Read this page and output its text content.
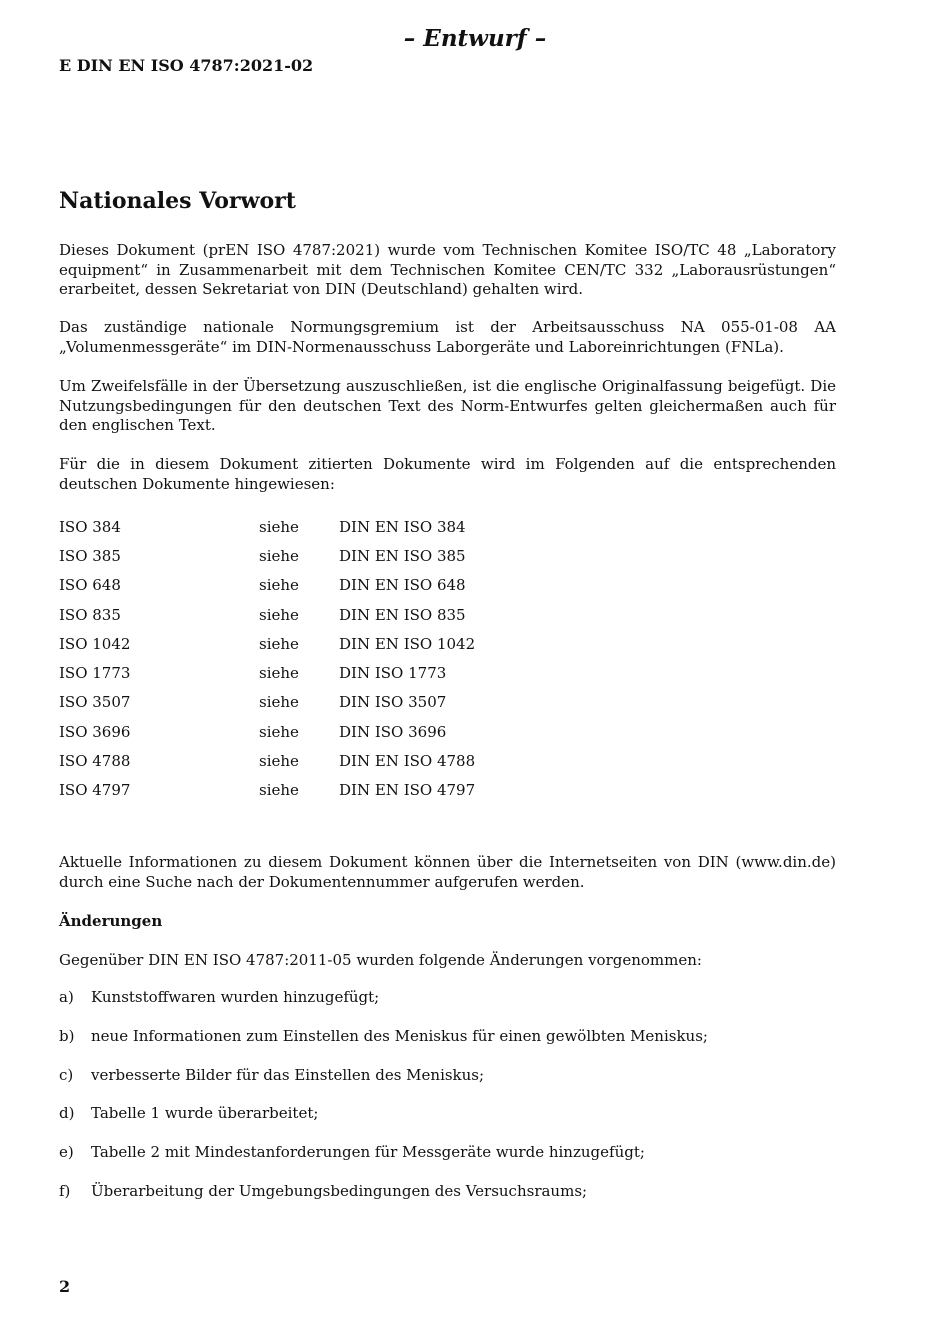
– Entwurf –
E DIN EN ISO 4787:2021-02
Nationales Vorwort

Dieses Dokument (prEN ISO 4787:2021) wurde vom Technischen Komitee ISO/TC 48 „Laboratory equipment“ in Zusammenarbeit mit dem Technischen Komitee CEN/TC 332 „Laborausrüstungen“ erarbeitet, dessen Sekretariat von DIN (Deutschland) gehalten wird.

Das zuständige nationale Normungsgremium ist der Arbeitsausschuss NA 055-01-08 AA „Volumenmessgeräte“ im DIN-Normenausschuss Laborgeräte und Laboreinrichtungen (FNLa).

Um Zweifelsfälle in der Übersetzung auszuschließen, ist die englische Originalfassung beigefügt. Die Nutzungsbedingungen für den deutschen Text des Norm-Entwurfes gelten gleichermaßen auch für den englischen Text.

Für die in diesem Dokument zitierten Dokumente wird im Folgenden auf die entsprechenden deutschen Dokumente hingewiesen:

ISO 384	siehe	DIN EN ISO 384
ISO 385	siehe	DIN EN ISO 385
ISO 648	siehe	DIN EN ISO 648
ISO 835	siehe	DIN EN ISO 835
ISO 1042	siehe	DIN EN ISO 1042
ISO 1773	siehe	DIN ISO 1773
ISO 3507	siehe	DIN ISO 3507
ISO 3696	siehe	DIN ISO 3696
ISO 4788	siehe	DIN EN ISO 4788
ISO 4797	siehe	DIN EN ISO 4797

Aktuelle Informationen zu diesem Dokument können über die Internetseiten von DIN (www.din.de) durch eine Suche nach der Dokumentennummer aufgerufen werden.

Änderungen

Gegenüber DIN EN ISO 4787:2011-05 wurden folgende Änderungen vorgenommen:

a)	Kunststoffwaren wurden hinzugefügt;
b)	neue Informationen zum Einstellen des Meniskus für einen gewölbten Meniskus;
c)	verbesserte Bilder für das Einstellen des Meniskus;
d)	Tabelle 1 wurde überarbeitet;
e)	Tabelle 2 mit Mindestanforderungen für Messgeräte wurde hinzugefügt;
f)	Überarbeitung der Umgebungsbedingungen des Versuchsraums;
2
